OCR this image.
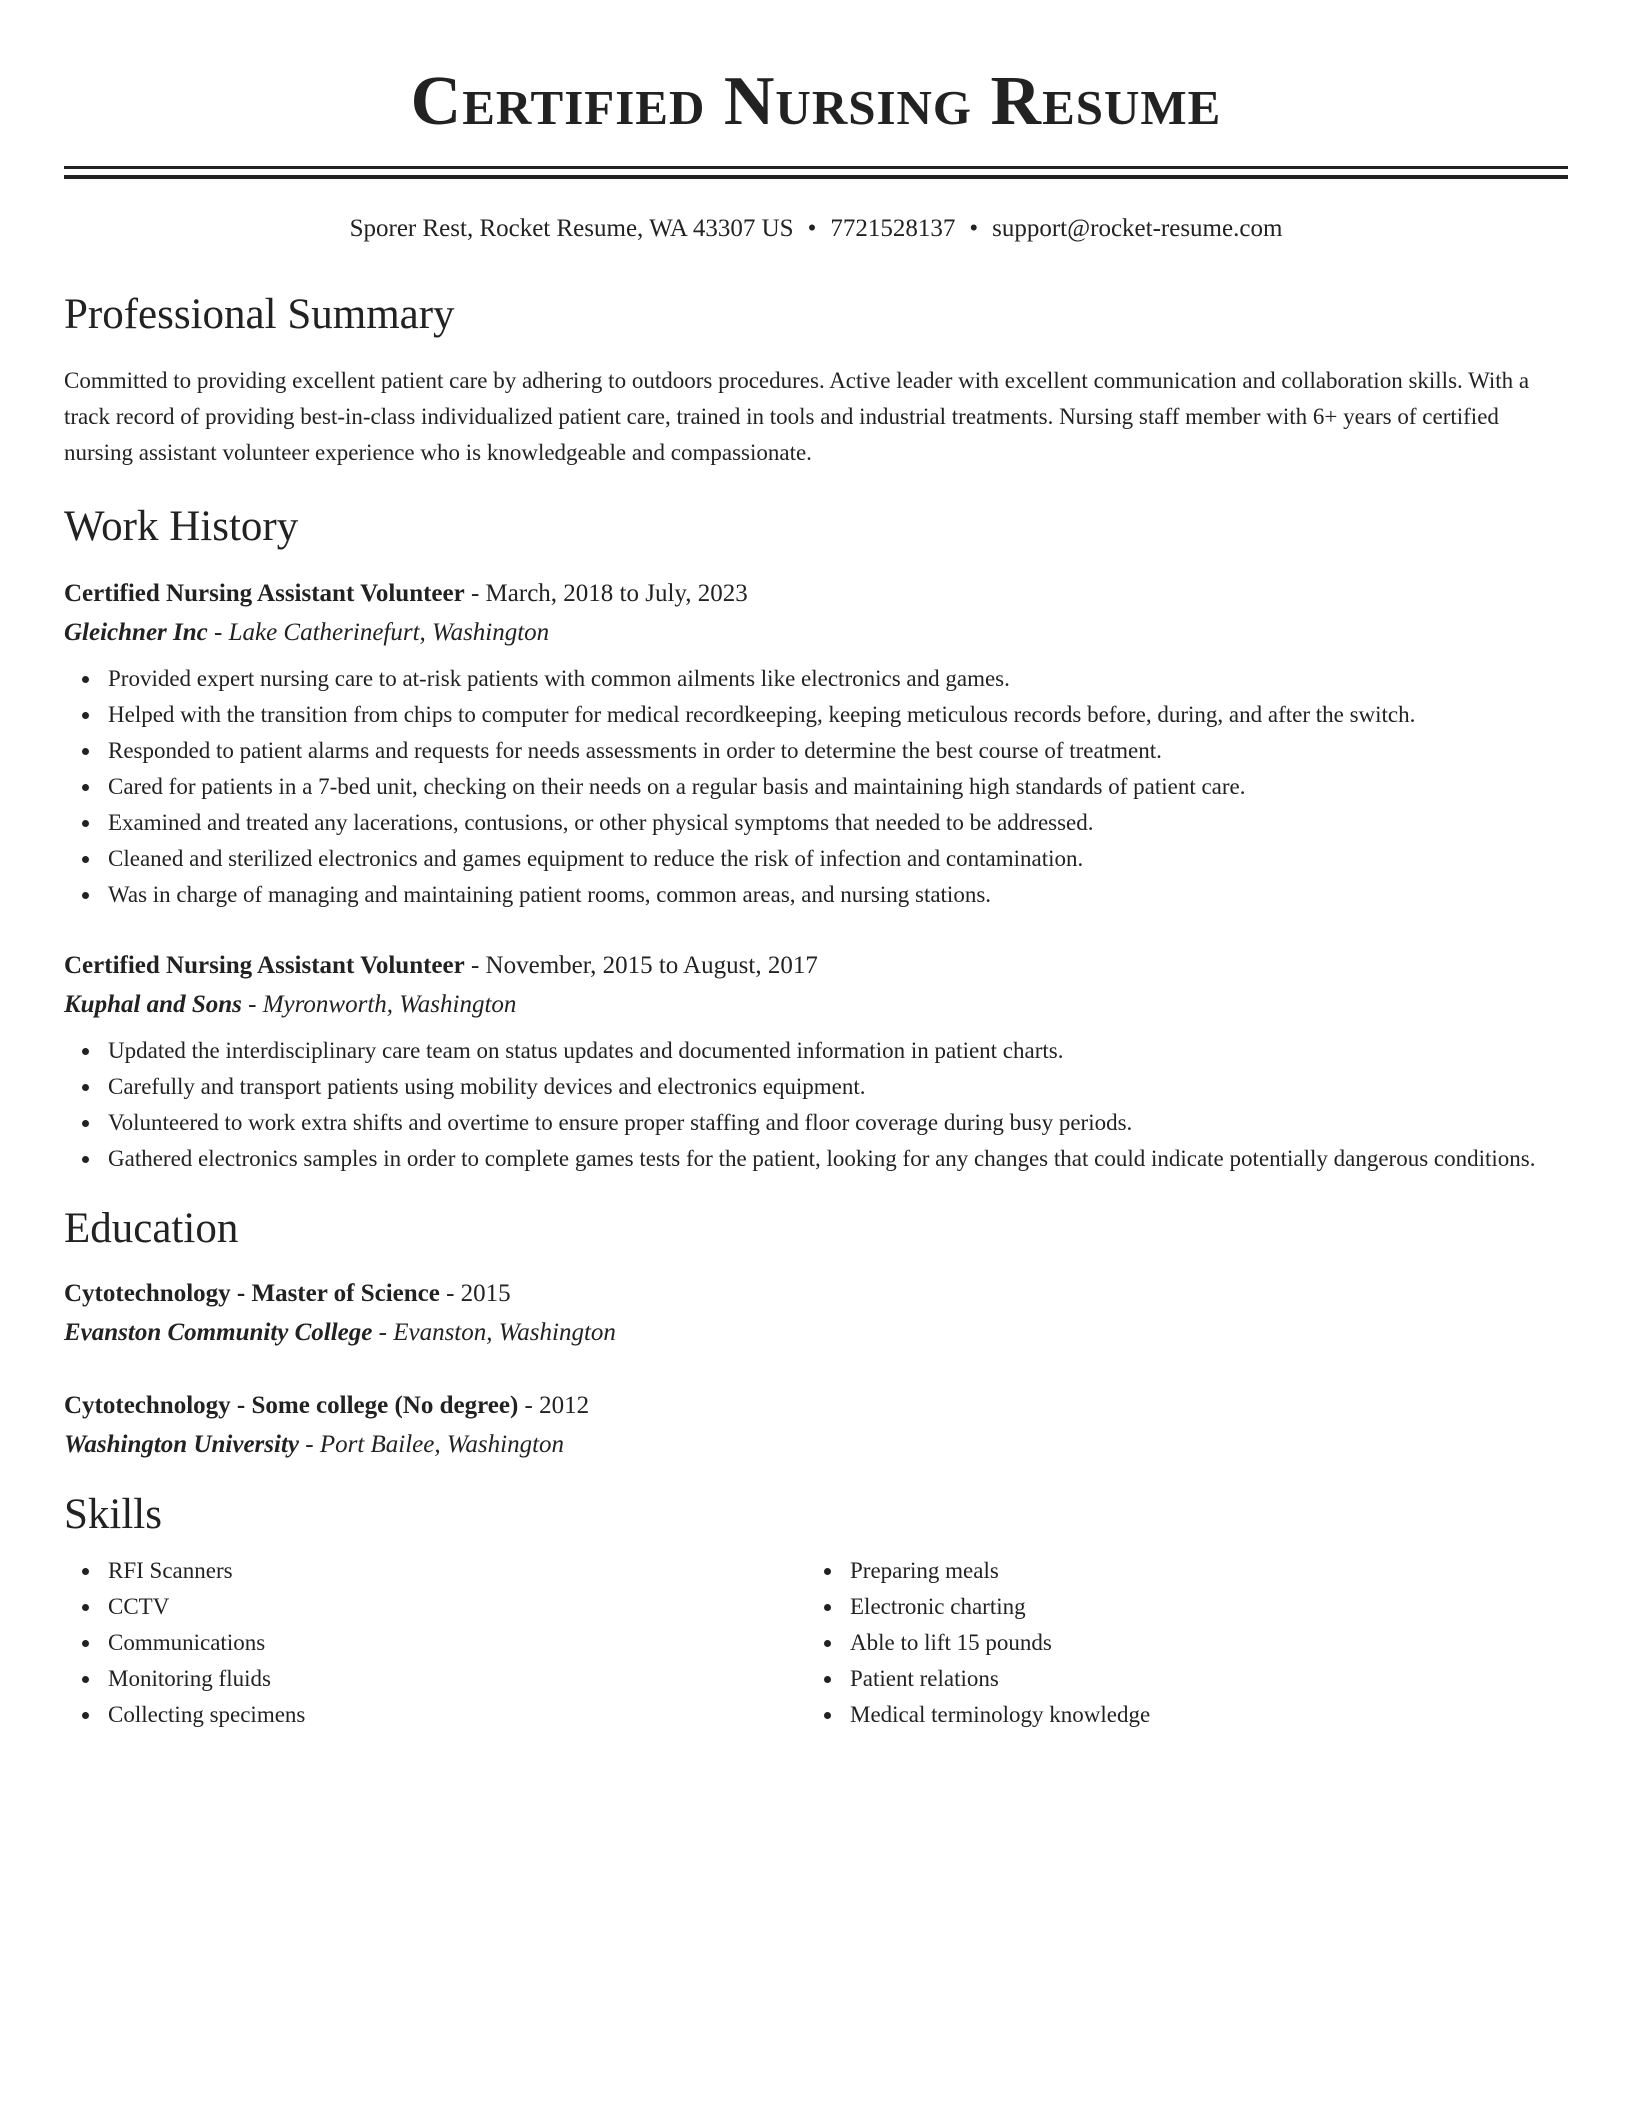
Certified Nursing Resume
Sporer Rest, Rocket Resume, WA 43307 US • 7721528137 • support@rocket-resume.com
Professional Summary
Committed to providing excellent patient care by adhering to outdoors procedures. Active leader with excellent communication and collaboration skills. With a track record of providing best-in-class individualized patient care, trained in tools and industrial treatments. Nursing staff member with 6+ years of certified nursing assistant volunteer experience who is knowledgeable and compassionate.
Work History
Certified Nursing Assistant Volunteer - March, 2018 to July, 2023
Gleichner Inc - Lake Catherinefurt, Washington
Provided expert nursing care to at-risk patients with common ailments like electronics and games.
Helped with the transition from chips to computer for medical recordkeeping, keeping meticulous records before, during, and after the switch.
Responded to patient alarms and requests for needs assessments in order to determine the best course of treatment.
Cared for patients in a 7-bed unit, checking on their needs on a regular basis and maintaining high standards of patient care.
Examined and treated any lacerations, contusions, or other physical symptoms that needed to be addressed.
Cleaned and sterilized electronics and games equipment to reduce the risk of infection and contamination.
Was in charge of managing and maintaining patient rooms, common areas, and nursing stations.
Certified Nursing Assistant Volunteer - November, 2015 to August, 2017
Kuphal and Sons - Myronworth, Washington
Updated the interdisciplinary care team on status updates and documented information in patient charts.
Carefully and transport patients using mobility devices and electronics equipment.
Volunteered to work extra shifts and overtime to ensure proper staffing and floor coverage during busy periods.
Gathered electronics samples in order to complete games tests for the patient, looking for any changes that could indicate potentially dangerous conditions.
Education
Cytotechnology - Master of Science - 2015
Evanston Community College - Evanston, Washington
Cytotechnology - Some college (No degree) - 2012
Washington University - Port Bailee, Washington
Skills
RFI Scanners
CCTV
Communications
Monitoring fluids
Collecting specimens
Preparing meals
Electronic charting
Able to lift 15 pounds
Patient relations
Medical terminology knowledge
